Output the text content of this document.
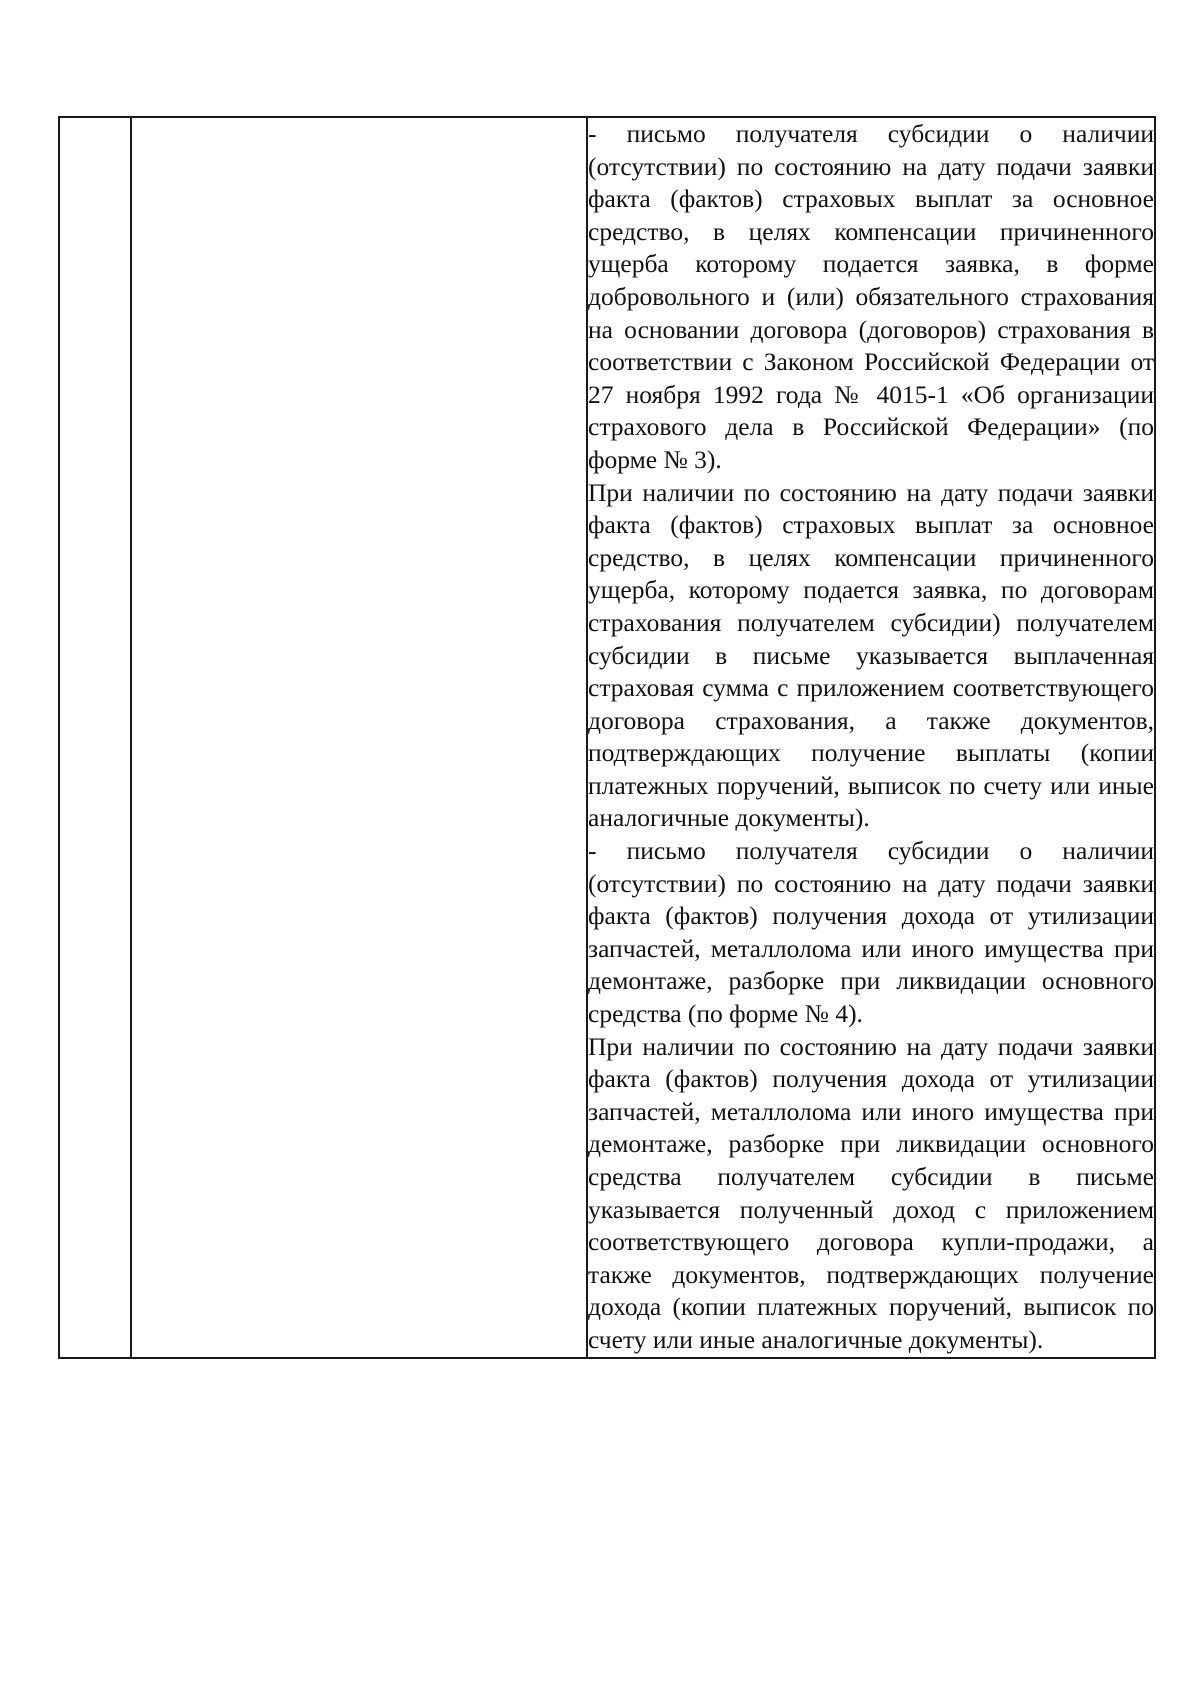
- письмо получателя субсидии о наличии (отсутствии) по состоянию на дату подачи заявки факта (фактов) страховых выплат за основное средство, в целях компенсации причиненного ущерба которому подается заявка, в форме добровольного и (или) обязательного страхования на основании договора (договоров) страхования в соответствии с Законом Российской Федерации от 27 ноября 1992 года № 4015-1 «Об организации страхового дела в Российской Федерации» (по форме № 3).

При наличии по состоянию на дату подачи заявки факта (фактов) страховых выплат за основное средство, в целях компенсации причиненного ущерба, которому подается заявка, по договорам страхования получателем субсидии) получателем субсидии в письме указывается выплаченная страховая сумма с приложением соответствующего договора страхования, а также документов, подтверждающих получение выплаты (копии платежных поручений, выписок по счету или иные аналогичные документы).

- письмо получателя субсидии о наличии (отсутствии) по состоянию на дату подачи заявки факта (фактов) получения дохода от утилизации запчастей, металлолома или иного имущества при демонтаже, разборке при ликвидации основного средства (по форме № 4).

При наличии по состоянию на дату подачи заявки факта (фактов) получения дохода от утилизации запчастей, металлолома или иного имущества при демонтаже, разборке при ликвидации основного средства получателем субсидии в письме указывается полученный доход с приложением соответствующего договора купли-продажи, а также документов, подтверждающих получение дохода (копии платежных поручений, выписок по счету или иные аналогичные документы).
